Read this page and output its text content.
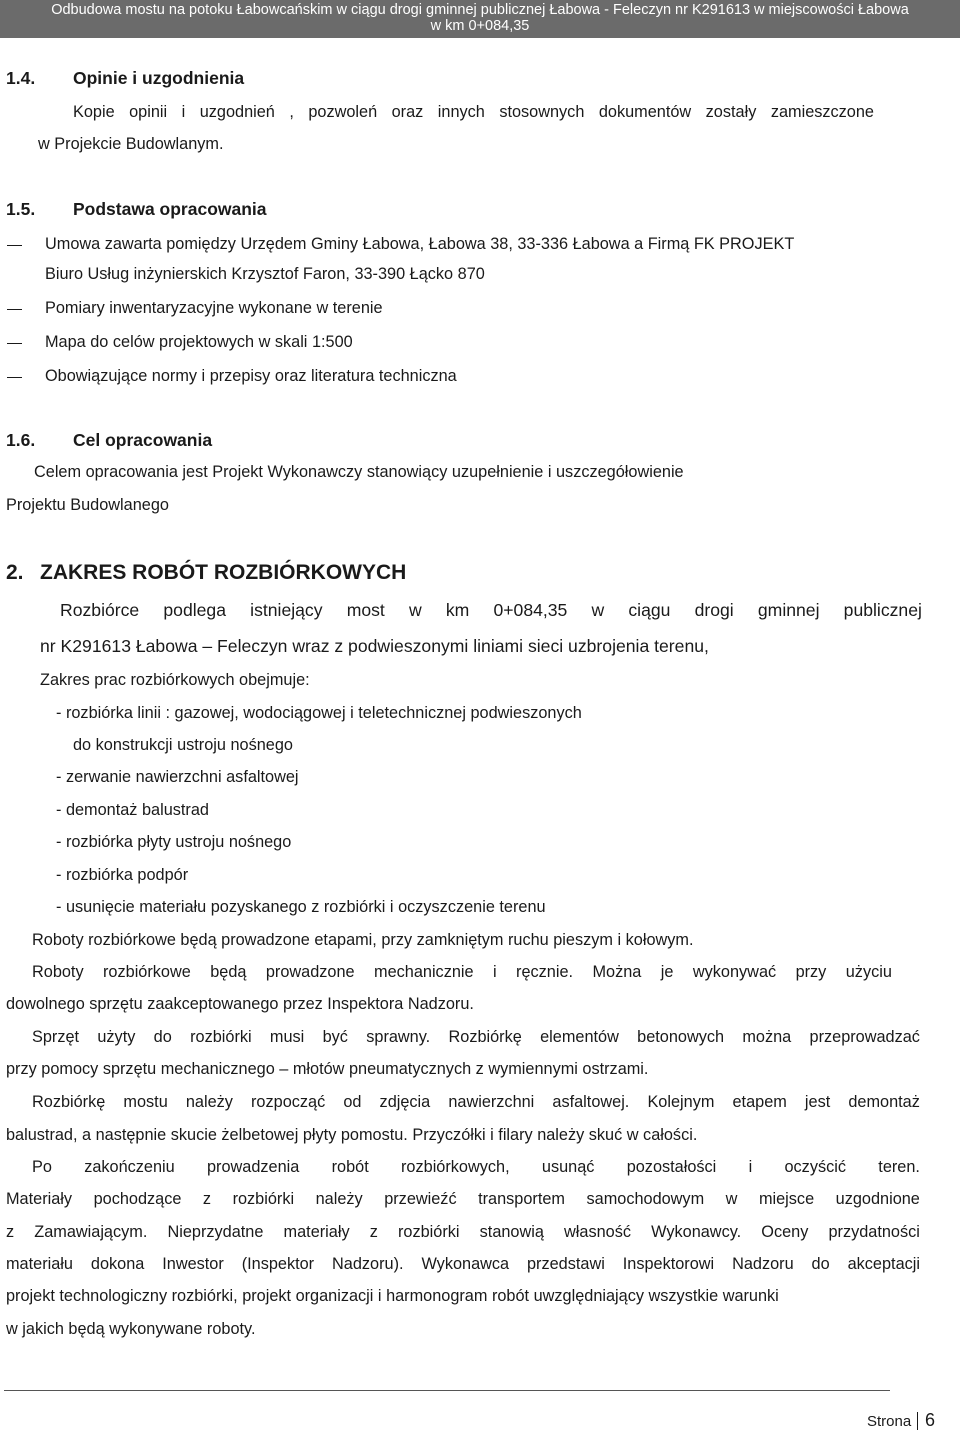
Odbudowa mostu na potoku Łabowcańskim w ciągu drogi gminnej publicznej Łabowa - Feleczyn nr K291613 w miejscowości Łabowa
w km 0+084,35
1.4. Opinie i uzgodnienia
Kopie opinii i uzgodnień , pozwoleń oraz innych stosownych dokumentów zostały zamieszczone
w Projekcie Budowlanym.
1.5. Podstawa opracowania
Umowa zawarta pomiędzy Urzędem Gminy Łabowa, Łabowa 38, 33-336 Łabowa a Firmą FK PROJEKT
Biuro Usług inżynierskich Krzysztof Faron, 33-390 Łącko 870
Pomiary inwentaryzacyjne wykonane w terenie
Mapa do celów projektowych w skali 1:500
Obowiązujące normy i przepisy oraz literatura techniczna
1.6. Cel opracowania
Celem opracowania jest Projekt Wykonawczy stanowiący uzupełnienie i uszczegółowienie
Projektu Budowlanego
2. ZAKRES ROBÓT ROZBIÓRKOWYCH
Rozbiórce podlega istniejący most w km 0+084,35 w ciągu drogi gminnej publicznej
nr K291613 Łabowa – Feleczyn wraz z podwieszonymi liniami sieci uzbrojenia terenu,
Zakres prac rozbiórkowych obejmuje:
- rozbiórka linii : gazowej, wodociągowej i teletechnicznej podwieszonych
do konstrukcji ustroju nośnego
- zerwanie nawierzchni asfaltowej
- demontaż balustrad
- rozbiórka płyty ustroju nośnego
- rozbiórka podpór
- usunięcie materiału pozyskanego z rozbiórki i oczyszczenie terenu
Roboty rozbiórkowe będą prowadzone etapami, przy zamkniętym ruchu pieszym i kołowym.
Roboty rozbiórkowe będą prowadzone mechanicznie i ręcznie. Można je wykonywać przy użyciu
dowolnego sprzętu zaakceptowanego przez Inspektora Nadzoru.
Sprzęt użyty do rozbiórki musi być sprawny. Rozbiórkę elementów betonowych można przeprowadzać
przy pomocy sprzętu mechanicznego – młotów pneumatycznych z wymiennymi ostrzami.
Rozbiórkę mostu należy rozpocząć od zdjęcia nawierzchni asfaltowej. Kolejnym etapem jest demontaż
balustrad, a następnie skucie żelbetowej płyty pomostu. Przyczółki i filary należy skuć w całości.
Po zakończeniu prowadzenia robót rozbiórkowych, usunąć pozostałości i oczyścić teren.
Materiały pochodzące z rozbiórki należy przewieźć transportem samochodowym w miejsce uzgodnione
z Zamawiającym. Nieprzydatne materiały z rozbiórki stanowią własność Wykonawcy. Oceny przydatności
materiału dokona Inwestor (Inspektor Nadzoru). Wykonawca przedstawi Inspektorowi Nadzoru do akceptacji
projekt technologiczny rozbiórki, projekt organizacji i harmonogram robót uwzględniający wszystkie warunki
w jakich będą wykonywane roboty.
Strona 6
